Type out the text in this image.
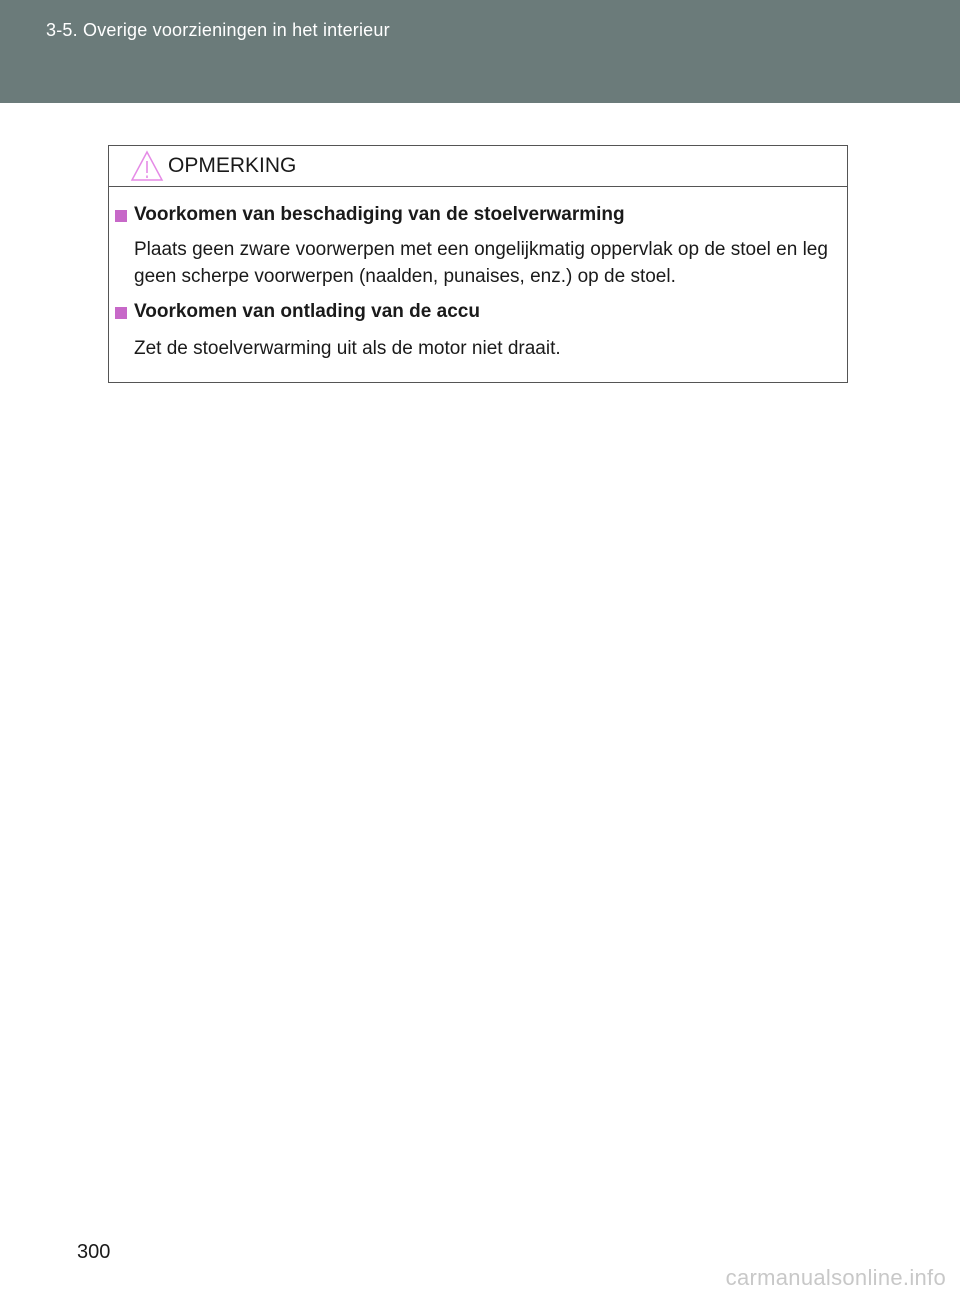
3-5. Overige voorzieningen in het interieur
OPMERKING
Voorkomen van beschadiging van de stoelverwarming
Plaats geen zware voorwerpen met een ongelijkmatig oppervlak op de stoel en leg geen scherpe voorwerpen (naalden, punaises, enz.) op de stoel.
Voorkomen van ontlading van de accu
Zet de stoelverwarming uit als de motor niet draait.
300
carmanualsonline.info
